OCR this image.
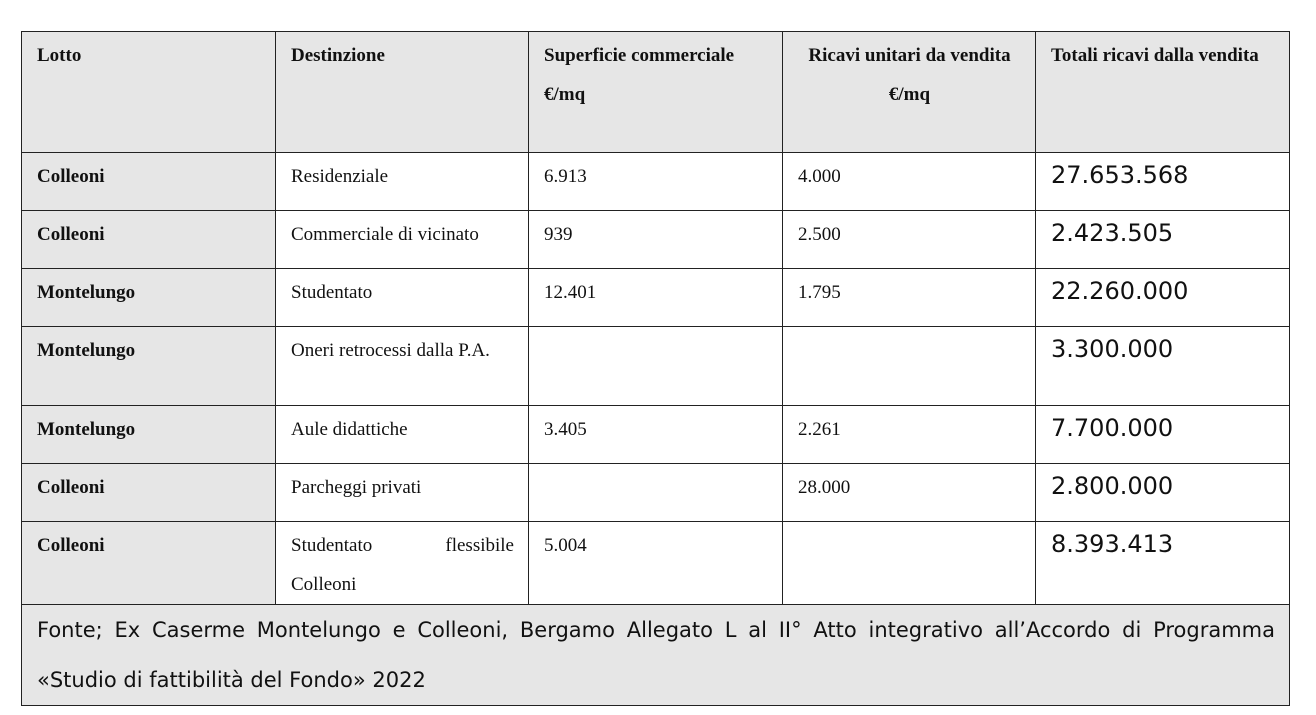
Lotto	Destinzione	Superficie commerciale €/mq	Ricavi unitari da vendita €/mq	Totali ricavi dalla vendita
Colleoni	Residenziale	6.913	4.000	27.653.568
Colleoni	Commerciale di vicinato	939	2.500	2.423.505
Montelungo	Studentato	12.401	1.795	22.260.000
Montelungo	Oneri retrocessi dalla P.A.			3.300.000
Montelungo	Aule didattiche	3.405	2.261	7.700.000
Colleoni	Parcheggi privati		28.000	2.800.000
Colleoni	Studentato flessibile Colleoni	5.004		8.393.413
Fonte; Ex Caserme Montelungo e Colleoni, Bergamo Allegato L al II° Atto integrativo all’Accordo di Programma «Studio di fattibilità del Fondo» 2022				
